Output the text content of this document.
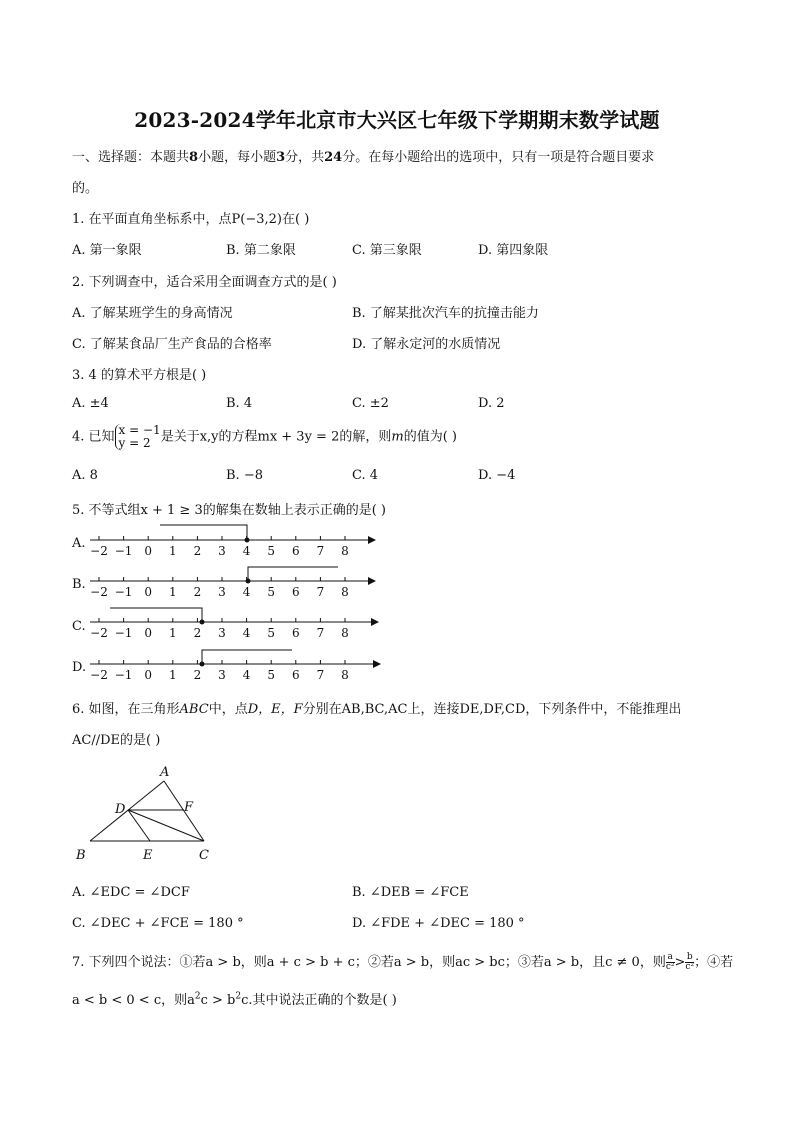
2023-2024学年北京市大兴区七年级下学期期末数学试题
一、选择题：本题共8小题，每小题3分，共24分。在每小题给出的选项中，只有一项是符合题目要求
的。
1. 在平面直角坐标系中，点P(−3,2)在( )
A. 第一象限	B. 第二象限	C. 第三象限	D. 第四象限
2. 下列调查中，适合采用全面调查方式的是( )
A. 了解某班学生的身高情况	B. 了解某批次汽车的抗撞击能力
C. 了解某食品厂生产食品的合格率	D. 了解永定河的水质情况
3. 4 的算术平方根是( )
A. ±4	B. 4	C. ±2	D. 2
4. 已知 x = −1
y = 2 是关于x,y的方程mx + 3y = 2的解，则m的值为( )
A. 8	B. −8	C. 4	D. −4
5. 不等式组x + 1 ≥ 3的解集在数轴上表示正确的是( )
A.
B.
C.
D.
−2 −1 0 1 2 3 4 5 6 7 8
−2 −1 0 1 2 3 4 5 6 7 8
−2 −1 0 1 2 3 4 5 6 7 8
−2 −1 0 1 2 3 4 5 6 7 8
6. 如图，在三角形ABC中，点D，E，F分别在AB,BC,AC上，连接DE,DF,CD，下列条件中，不能推理出
AC//DE的是( )
A
B	C
D
E
F
A. ∠EDC = ∠DCF	B. ∠DEB = ∠FCE
C. ∠DEC + ∠FCE = 180 °	D. ∠FDE + ∠DEC = 180 °
7. 下列四个说法：①若a > b，则a + c > b + c；②若a > b，则ac > bc；③若a > b，且c ≠ 0，则 $\frac{a}{\text{c²}} > \frac{b}{\text{c²}}$ ；④若
a < b < 0 < c，则$a^2c > b^2c$.其中说法正确的个数是( )
